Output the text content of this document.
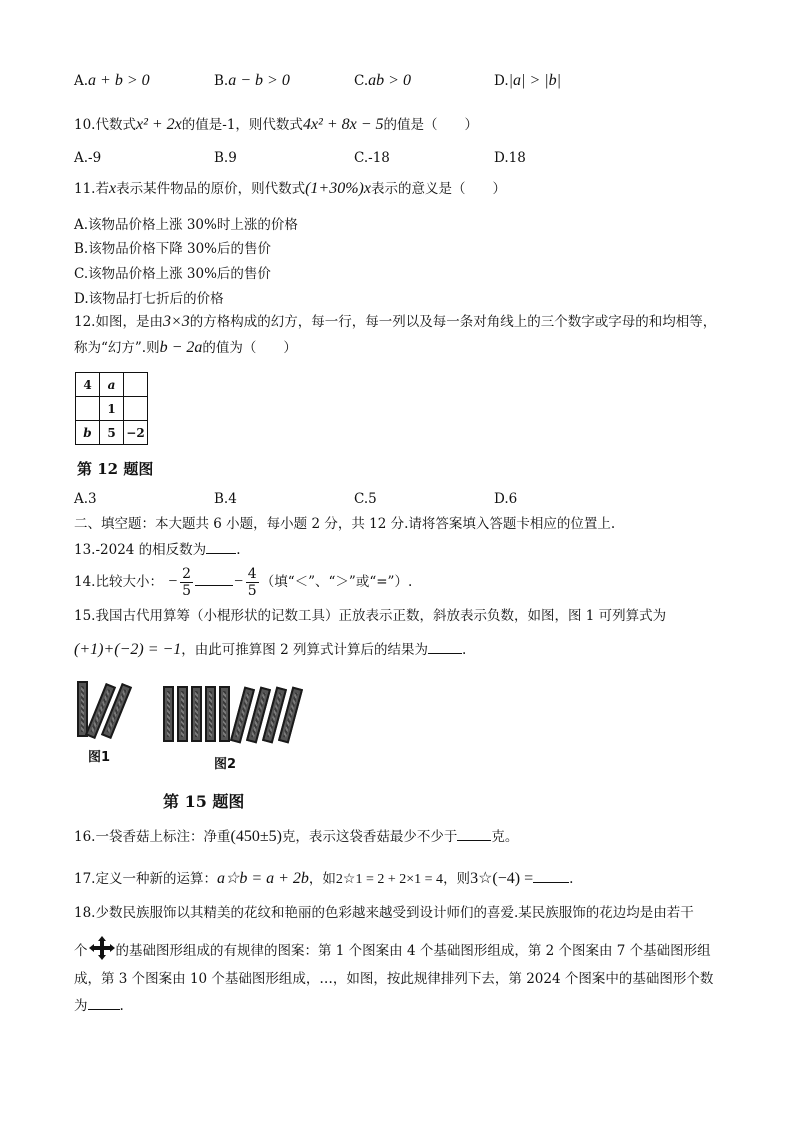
A.a + b > 0	B.a − b > 0	C.ab > 0	D.|a| > |b|
10.代数式x² + 2x的值是-1，则代数式4x² + 8x − 5的值是（　　）
A.-9	B.9	C.-18	D.18
11.若x表示某件物品的原价，则代数式(1+30%)x表示的意义是（　　）
A.该物品价格上涨 30%时上涨的价格
B.该物品价格下降 30%后的售价
C.该物品价格上涨 30%后的售价
D.该物品打七折后的价格
12.如图，是由3×3的方格构成的幻方，每一行，每一列以及每一条对角线上的三个数字或字母的和均相等，
称为“幻方”.则b − 2a的值为（　　）
4	a	
	1	
b	5	−2
第 12 题图
A.3	B.4	C.5	D.6
二、填空题：本大题共 6 小题，每小题 2 分，共 12 分.请将答案填入答题卡相应的位置上.
13.-2024 的相反数为 .
14.比较大小： − $\frac{2}{5}$	− $\frac{4}{5}$ （填“＜”、“＞”或“=”）.
15.我国古代用算筹（小棍形状的记数工具）正放表示正数，斜放表示负数，如图，图 1 可列算式为
(+1)+(−2) = −1，由此可推算图 2 列算式计算后的结果为	.
图1	图2
第 15 题图
16.一袋香菇上标注：净重(450±5)克，表示这袋香菇最少不少于	克。
17.定义一种新的运算：a☆b = a + 2b，如2☆1 = 2 + 2×1 = 4，则3☆(−4) =	.
18.少数民族服饰以其精美的花纹和艳丽的色彩越来越受到设计师们的喜爱.某民族服饰的花边均是由若干
个 的基础图形组成的有规律的图案：第 1 个图案由 4 个基础图形组成，第 2 个图案由 7 个基础图形组
成，第 3 个图案由 10 个基础图形组成，…，如图，按此规律排列下去，第 2024 个图案中的基础图形个数
为 .
